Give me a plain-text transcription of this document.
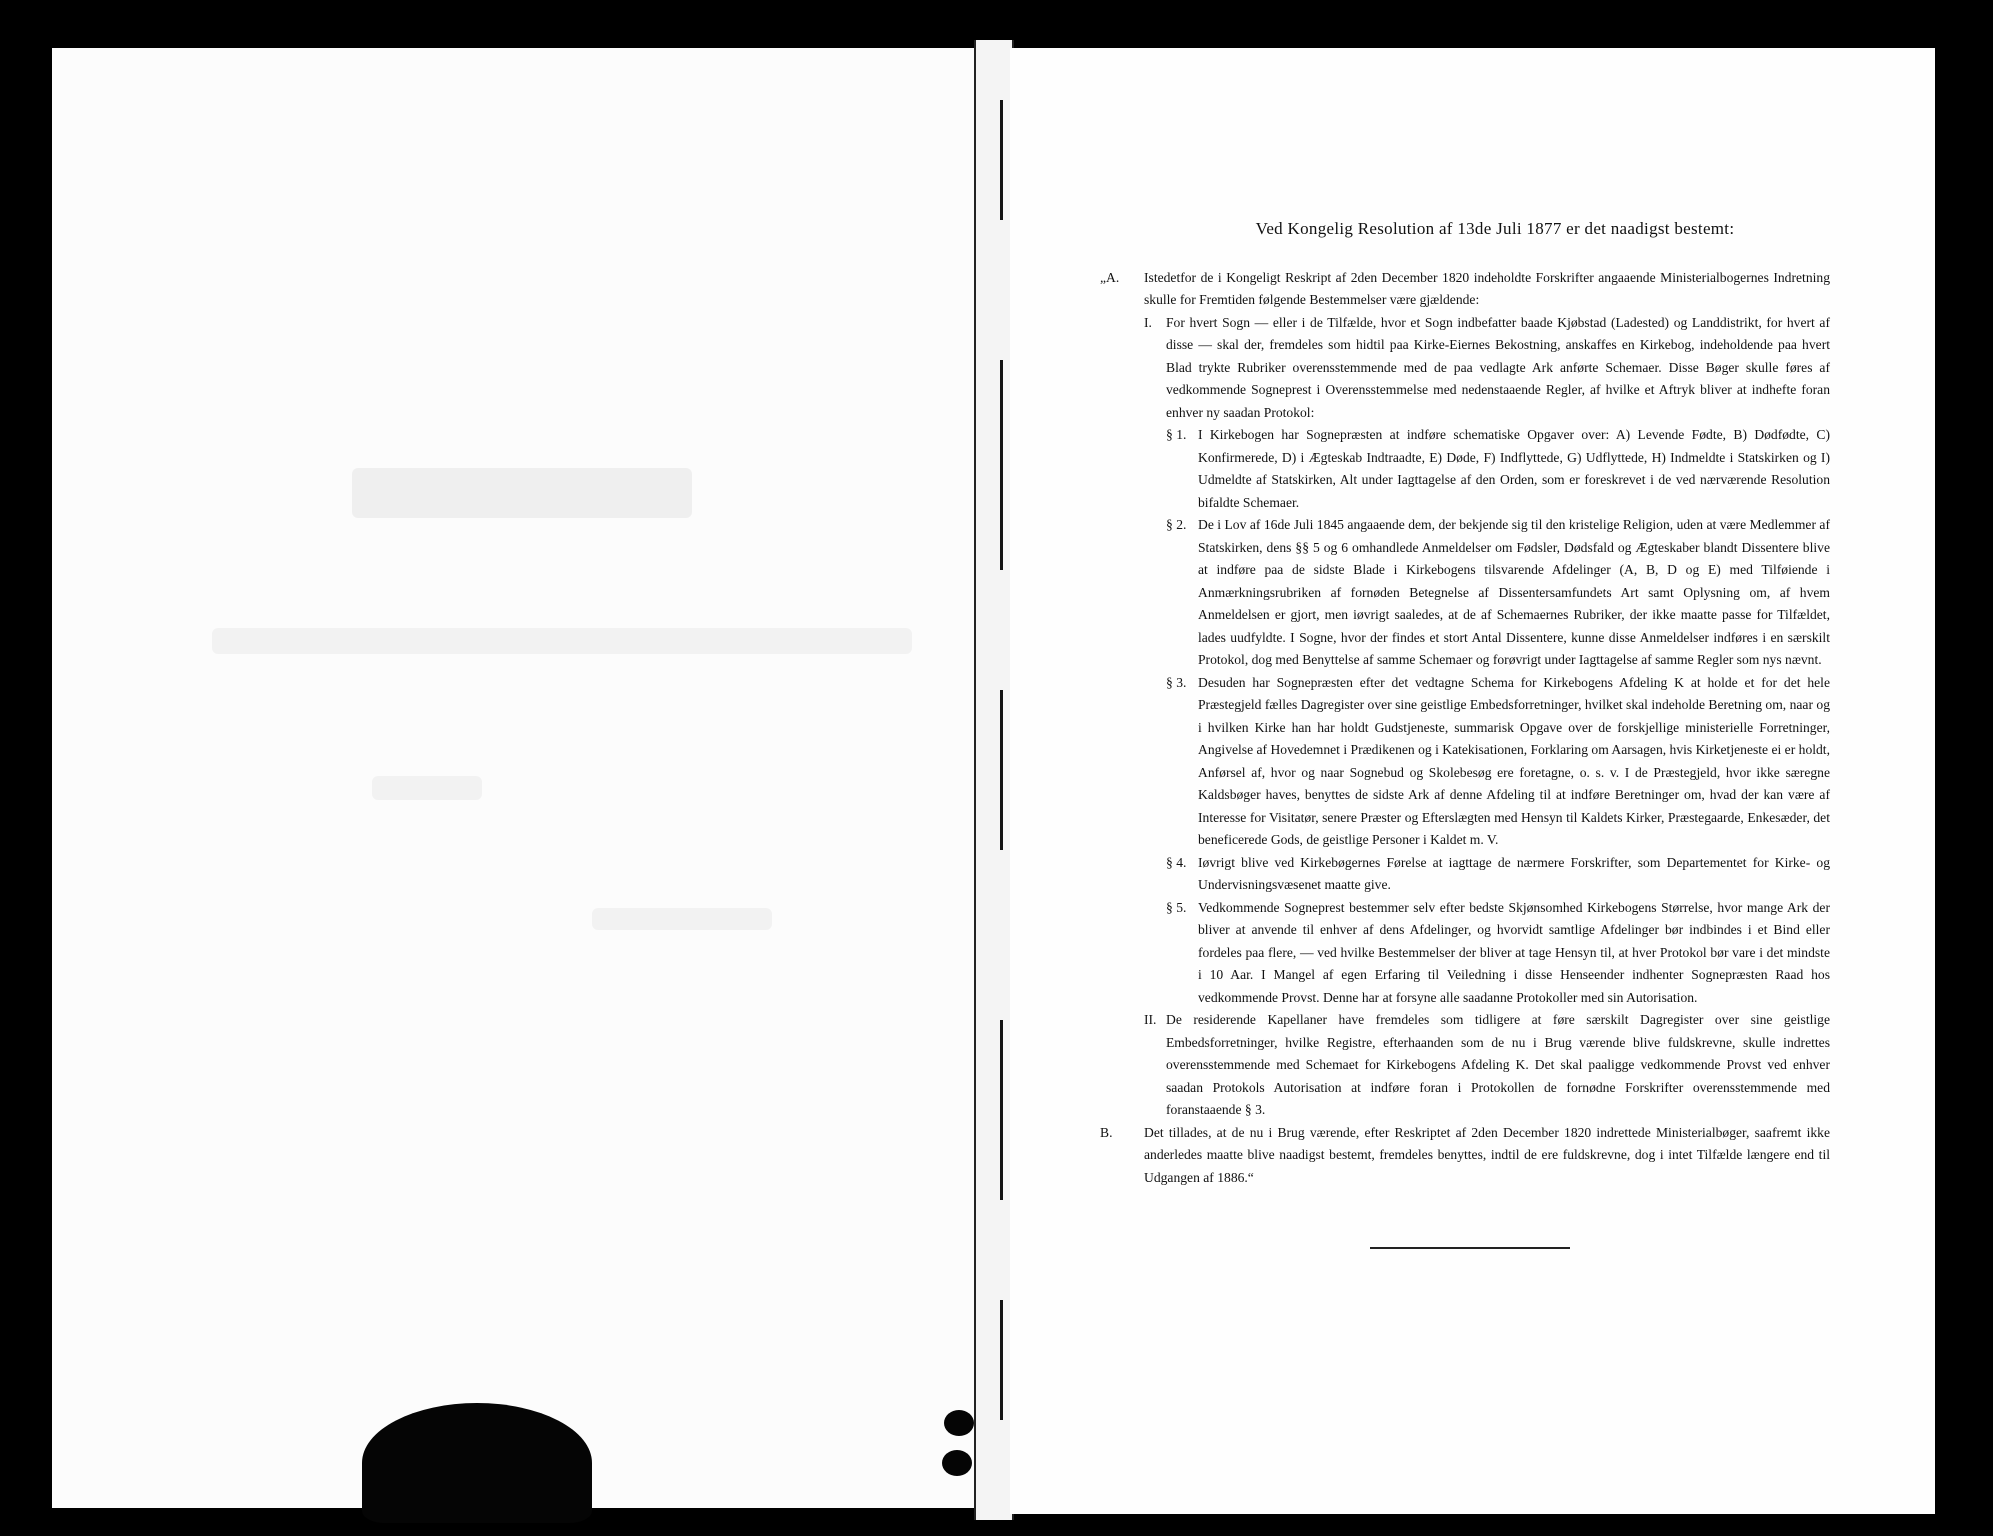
Ved Kongelig Resolution af 13de Juli 1877 er det naadigst bestemt:
„A.	Istedetfor de i Kongeligt Reskript af 2den December 1820 indeholdte Forskrifter angaaende Ministerialbogernes Indretning skulle for Fremtiden følgende Bestemmelser være gjældende:
I.	For hvert Sogn — eller i de Tilfælde, hvor et Sogn indbefatter baade Kjøbstad (Ladested) og Landdistrikt, for hvert af disse — skal der, fremdeles som hidtil paa Kirke-Eiernes Bekostning, anskaffes en Kirkebog, indeholdende paa hvert Blad trykte Rubriker overensstemmende med de paa vedlagte Ark anførte Schemaer. Disse Bøger skulle føres af vedkommende Sogneprest i Overensstemmelse med nedenstaaende Regler, af hvilke et Aftryk bliver at indhefte foran enhver ny saadan Protokol:
§ 1. I Kirkebogen har Sognepræsten at indføre schematiske Opgaver over: A) Levende Fødte, B) Dødfødte, C) Konfirmerede, D) i Ægteskab Indtraadte, E) Døde, F) Indflyttede, G) Udflyttede, H) Indmeldte i Statskirken og I) Udmeldte af Statskirken, Alt under Iagttagelse af den Orden, som er foreskrevet i de ved nærværende Resolution bifaldte Schemaer.
§ 2. De i Lov af 16de Juli 1845 angaaende dem, der bekjende sig til den kristelige Religion, uden at være Medlemmer af Statskirken, dens §§ 5 og 6 omhandlede Anmeldelser om Fødsler, Dødsfald og Ægteskaber blandt Dissentere blive at indføre paa de sidste Blade i Kirkebogens tilsvarende Afdelinger (A, B, D og E) med Tilføiende i Anmærkningsrubriken af fornøden Betegnelse af Dissentersamfundets Art samt Oplysning om, af hvem Anmeldelsen er gjort, men iøvrigt saaledes, at de af Schemaernes Rubriker, der ikke maatte passe for Tilfældet, lades uudfyldte. I Sogne, hvor der findes et stort Antal Dissentere, kunne disse Anmeldelser indføres i en særskilt Protokol, dog med Benyttelse af samme Schemaer og forøvrigt under Iagttagelse af samme Regler som nys nævnt.
§ 3. Desuden har Sognepræsten efter det vedtagne Schema for Kirkebogens Afdeling K at holde et for det hele Præstegjeld fælles Dagregister over sine geistlige Embedsforretninger, hvilket skal indeholde Beretning om, naar og i hvilken Kirke han har holdt Gudstjeneste, summarisk Opgave over de forskjellige ministerielle Forretninger, Angivelse af Hovedemnet i Prædikenen og i Katekisationen, Forklaring om Aarsagen, hvis Kirketjeneste ei er holdt, Anførsel af, hvor og naar Sognebud og Skolebesøg ere foretagne, o. s. v. I de Præstegjeld, hvor ikke særegne Kaldsbøger haves, benyttes de sidste Ark af denne Afdeling til at indføre Beretninger om, hvad der kan være af Interesse for Visitatør, senere Præster og Efterslægten med Hensyn til Kaldets Kirker, Præstegaarde, Enkesæder, det beneficerede Gods, de geistlige Personer i Kaldet m. V.
§ 4. Iøvrigt blive ved Kirkebøgernes Førelse at iagttage de nærmere Forskrifter, som Departementet for Kirke- og Undervisningsvæsenet maatte give.
§ 5. Vedkommende Sogneprest bestemmer selv efter bedste Skjønsomhed Kirkebogens Størrelse, hvor mange Ark der bliver at anvende til enhver af dens Afdelinger, og hvorvidt samtlige Afdelinger bør indbindes i et Bind eller fordeles paa flere, — ved hvilke Bestemmelser der bliver at tage Hensyn til, at hver Protokol bør vare i det mindste i 10 Aar. I Mangel af egen Erfaring til Veiledning i disse Henseender indhenter Sognepræsten Raad hos vedkommende Provst. Denne har at forsyne alle saadanne Protokoller med sin Autorisation.
II. De residerende Kapellaner have fremdeles som tidligere at føre særskilt Dagregister over sine geistlige Embedsforretninger, hvilke Registre, efterhaanden som de nu i Brug værende blive fuldskrevne, skulle indrettes overensstemmende med Schemaet for Kirkebogens Afdeling K. Det skal paaligge vedkommende Provst ved enhver saadan Protokols Autorisation at indføre foran i Protokollen de fornødne Forskrifter overensstemmende med foranstaaende § 3.
B.	Det tillades, at de nu i Brug værende, efter Reskriptet af 2den December 1820 indrettede Ministerialbøger, saafremt ikke anderledes maatte blive naadigst bestemt, fremdeles benyttes, indtil de ere fuldskrevne, dog i intet Tilfælde længere end til Udgangen af 1886.“
